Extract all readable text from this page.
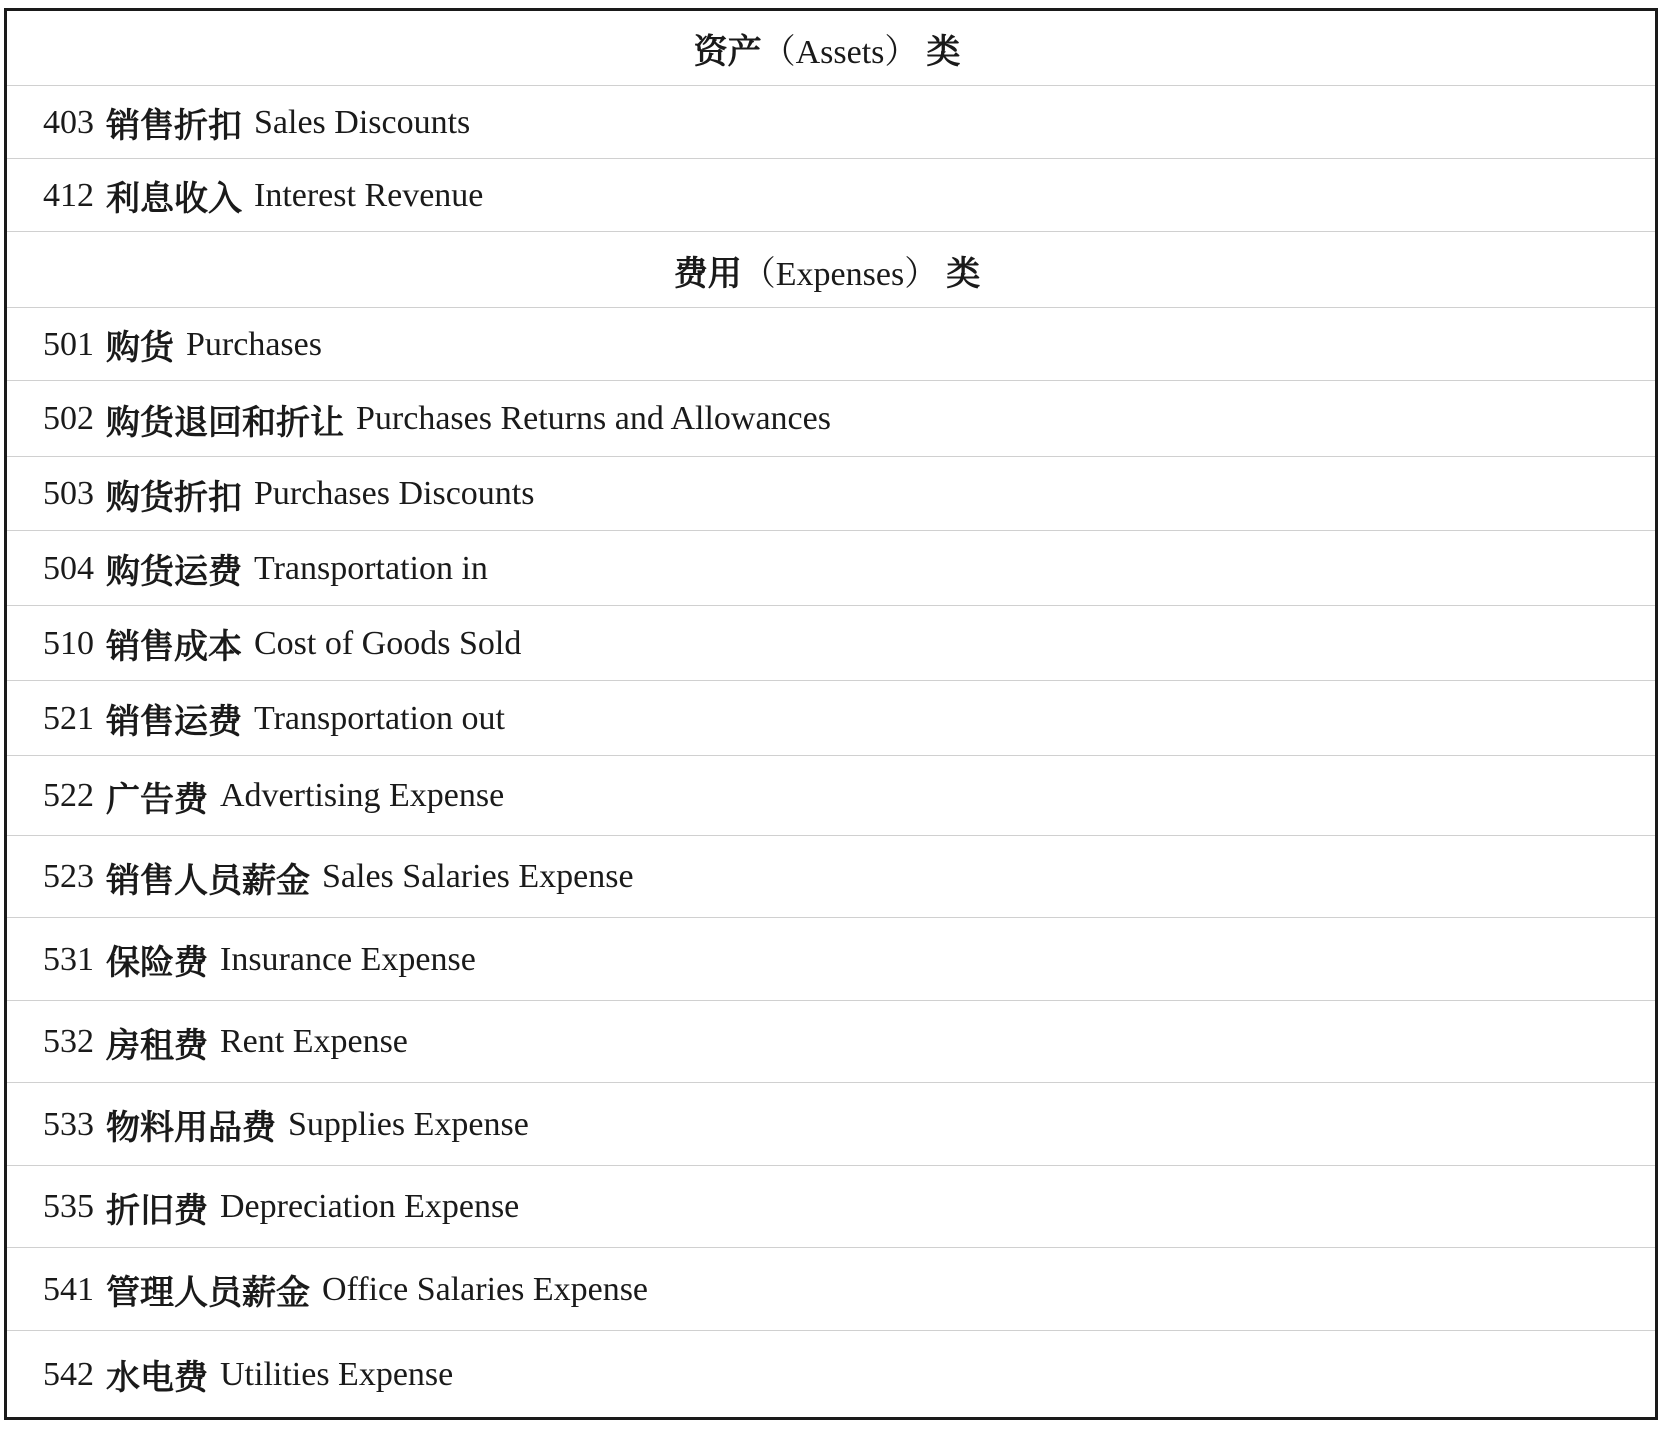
资产 （Assets） 类
403 销售折扣 Sales Discounts
412 利息收入 Interest Revenue
费用 （Expenses） 类
501 购货 Purchases
502 购货退回和折让 Purchases Returns and Allowances
503 购货折扣 Purchases Discounts
504 购货运费 Transportation in
510 销售成本 Cost of Goods Sold
521 销售运费 Transportation out
522 广告费 Advertising Expense
523 销售人员薪金 Sales Salaries Expense
531 保险费 Insurance Expense
532 房租费 Rent Expense
533 物料用品费 Supplies Expense
535 折旧费 Depreciation Expense
541 管理人员薪金 Office Salaries Expense
542 水电费 Utilities Expense
